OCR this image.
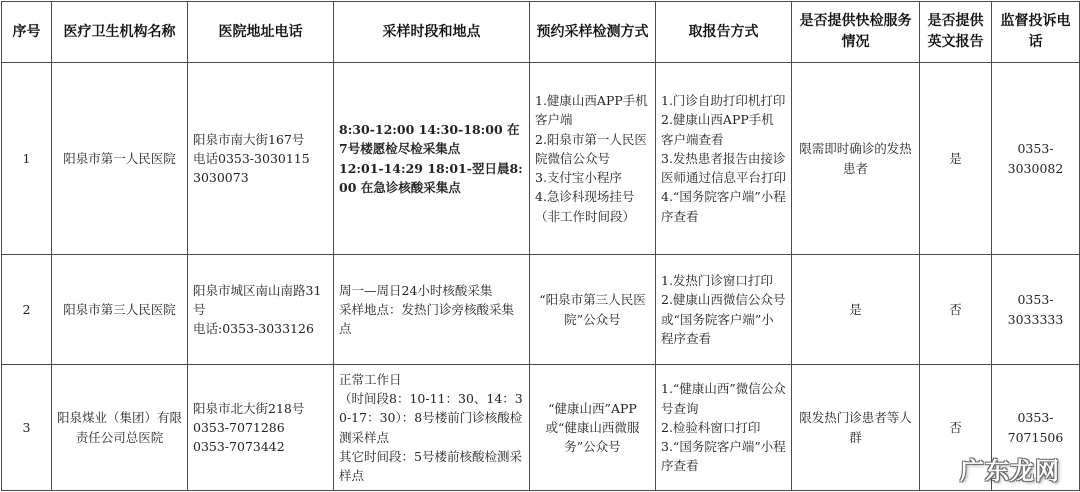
序号	医疗卫生机构名称	医院地址电话	采样时段和地点	预约采样检测方式	取报告方式	是否提供快检服务情况	是否提供英文报告	监督投诉电话
1	阳泉市第一人民医院	阳泉市南大街167号
电话0353-3030115
3030073	8:30-12:00 14:30-18:00 在7号楼愿检尽检采集点
12:01-14:29 18:01-翌日晨8:00 在急诊核酸采集点	1.健康山西APP手机客户端
2.阳泉市第一人民医院微信公众号
3.支付宝小程序
4.急诊科现场挂号（非工作时间段）	1.门诊自助打印机打印
2.健康山西APP手机客户端查看
3.发热患者报告由接诊医师通过信息平台打印
4.“国务院客户端”小程序查看	限需即时确诊的发热患者	是	0353-
3030082
2	阳泉市第三人民医院	阳泉市城区南山南路31号
电话:0353-3033126	周一—周日24小时核酸采集
采样地点：发热门诊旁核酸采集点	“阳泉市第三人民医院”公众号	1.发热门诊窗口打印
2.健康山西微信公众号或“国务院客户端”小程序查看	是	否	0353-
3033333
3	阳泉煤业（集团）有限责任公司总医院	阳泉市北大街218号
0353-7071286
0353-7073442	正常工作日
（时间段8：10-11：30、14：30-17：30）：8号楼前门诊核酸检测采样点
其它时间段：5号楼前核酸检测采样点	“健康山西”APP或“健康山西微服务”公众号	1.“健康山西”微信公众号查询
2.检验科窗口打印
3.“国务院客户端”小程序查看	限发热门诊患者等人群	否	0353-
7071506
广东龙网
